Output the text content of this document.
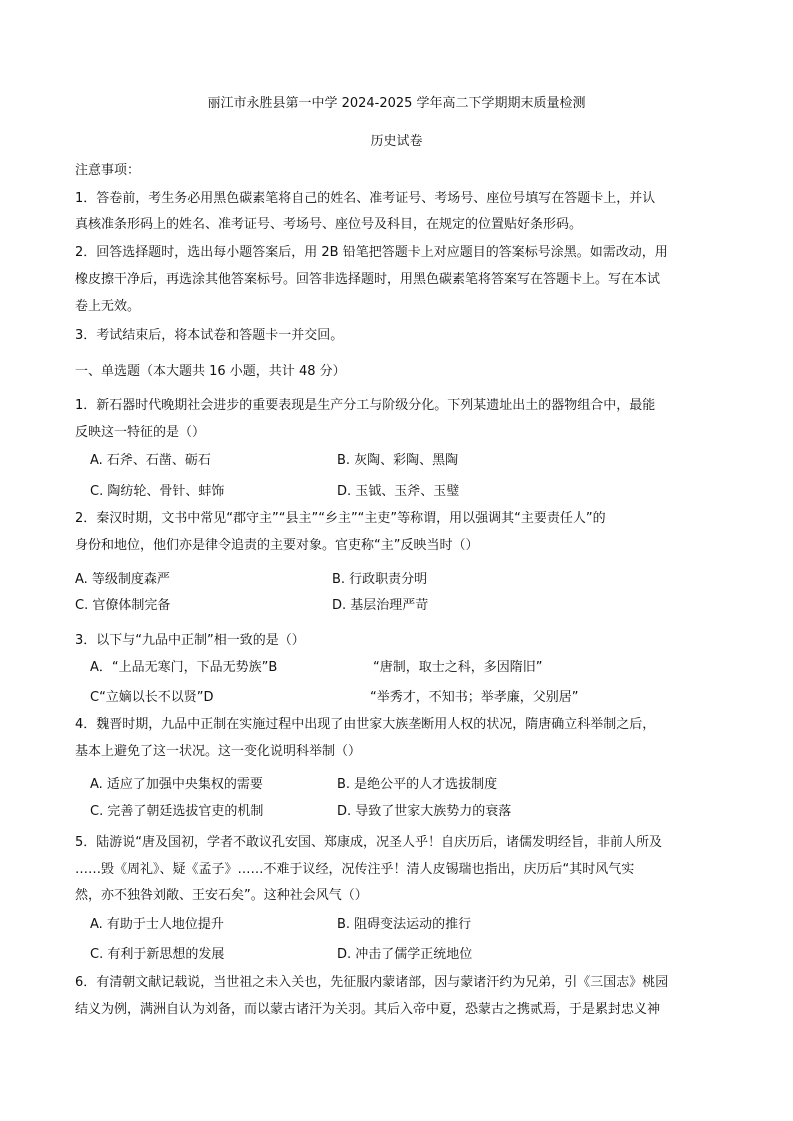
丽江市永胜县第一中学 2024-2025 学年高二下学期期末质量检测
历史试卷
注意事项：
1．答卷前，考生务必用黑色碳素笔将自己的姓名、准考证号、考场号、座位号填写在答题卡上，并认
真核准条形码上的姓名、准考证号、考场号、座位号及科目，在规定的位置贴好条形码。
2．回答选择题时，选出每小题答案后，用 2B 铅笔把答题卡上对应题目的答案标号涂黑。如需改动，用
橡皮擦干净后，再选涂其他答案标号。回答非选择题时，用黑色碳素笔将答案写在答题卡上。写在本试
卷上无效。
3．考试结束后，将本试卷和答题卡一并交回。
一、单选题（本大题共 16 小题，共计 48 分）
1．新石器时代晚期社会进步的重要表现是生产分工与阶级分化。下列某遗址出土的器物组合中，最能
反映这一特征的是（）
A. 石斧、石凿、砺石	B. 灰陶、彩陶、黑陶
C. 陶纺轮、骨针、蚌饰	D. 玉钺、玉斧、玉璧
2．秦汉时期，文书中常见“郡守主”“县主”“乡主”“主吏”等称谓，用以强调其“主要责任人”的
身份和地位，他们亦是律令追责的主要对象。官吏称“主”反映当时（）
A. 等级制度森严	B. 行政职责分明
C. 官僚体制完备	D. 基层治理严苛
3．以下与“九品中正制”相一致的是（）
A．“上品无寒门，下品无势族”B	“唐制，取士之科，多因隋旧”
C“立嫡以长不以贤”D	“举秀才，不知书；举孝廉，父别居”
4．魏晋时期，九品中正制在实施过程中出现了由世家大族垄断用人权的状况，隋唐确立科举制之后，
基本上避免了这一状况。这一变化说明科举制（）
A. 适应了加强中央集权的需要	B. 是绝公平的人才选拔制度
C. 完善了朝廷选拔官吏的机制	D. 导致了世家大族势力的衰落
5．陆游说“唐及国初，学者不敢议孔安国、郑康成，况圣人乎！自庆历后，诸儒发明经旨，非前人所及
……毁《周礼》、疑《孟子》……不难于议经，况传注乎！清人皮锡瑞也指出，庆历后“其时风气实
然，亦不独咎刘敞、王安石矣”。这种社会风气（）
A. 有助于士人地位提升	B. 阻碍变法运动的推行
C. 有利于新思想的发展	D. 冲击了儒学正统地位
6．有清朝文献记载说，当世祖之未入关也，先征服内蒙诸部，因与蒙诸汗约为兄弟，引《三国志》桃园
结义为例，满洲自认为刘备，而以蒙古诸汗为关羽。其后入帝中夏，恐蒙古之携贰焉，于是累封忠义神
